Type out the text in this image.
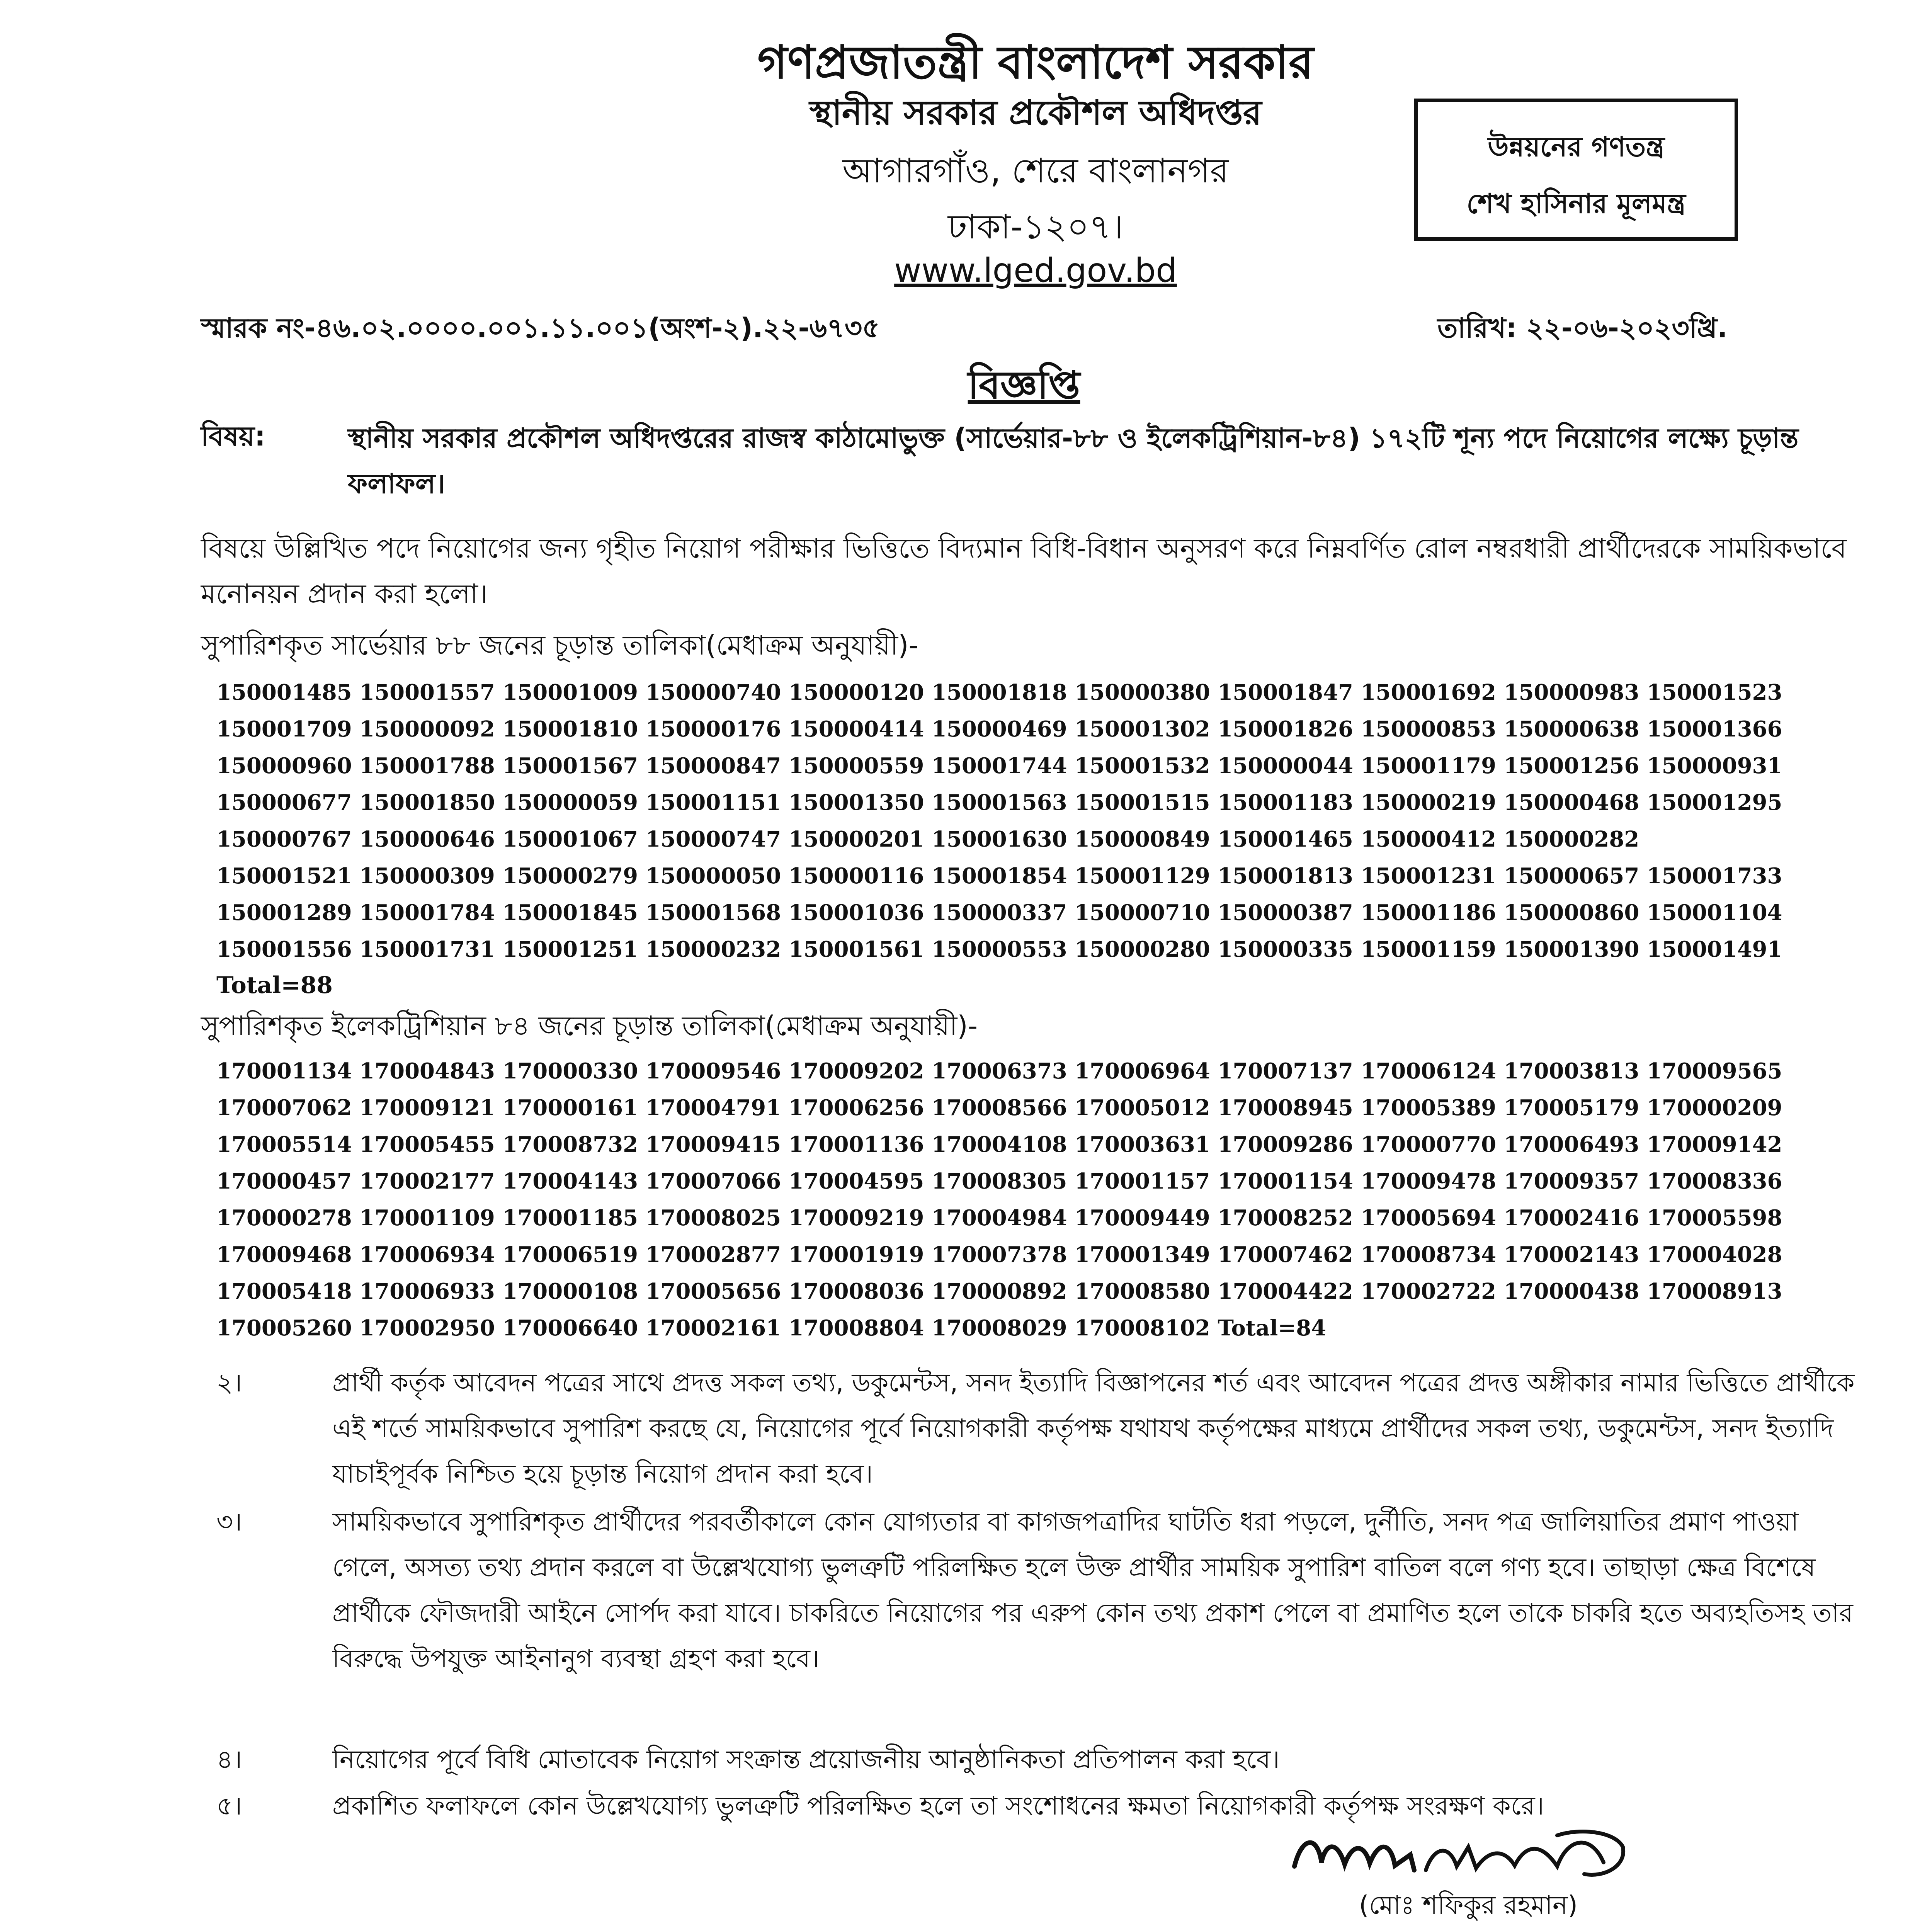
গণপ্রজাতন্ত্রী বাংলাদেশ সরকার
স্থানীয় সরকার প্রকৌশল অধিদপ্তর
আগারগাঁও, শেরে বাংলানগর
ঢাকা-১২০৭।
www.lged.gov.bd
উন্নয়নের গণতন্ত্র
শেখ হাসিনার মূলমন্ত্র
স্মারক নং-৪৬.০২.০০০০.০০১.১১.০০১(অংশ-২).২২-৬৭৩৫	তারিখ: ২২-০৬-২০২৩খ্রি.
বিজ্ঞপ্তি
বিষয়:	স্থানীয় সরকার প্রকৌশল অধিদপ্তরের রাজস্ব কাঠামোভুক্ত (সার্ভেয়ার-৮৮ ও ইলেকট্রিশিয়ান-৮৪) ১৭২টি শূন্য পদে নিয়োগের লক্ষ্যে চূড়ান্ত ফলাফল।
বিষয়ে উল্লিখিত পদে নিয়োগের জন্য গৃহীত নিয়োগ পরীক্ষার ভিত্তিতে বিদ্যমান বিধি-বিধান অনুসরণ করে নিম্নবর্ণিত রোল নম্বরধারী প্রার্থীদেরকে সাময়িকভাবে মনোনয়ন প্রদান করা হলো।
সুপারিশকৃত সার্ভেয়ার ৮৮ জনের চূড়ান্ত তালিকা(মেধাক্রম অনুযায়ী)-
150001485 150001557 150001009 150000740 150000120 150001818 150000380 150001847 150001692 150000983 150001523
150001709 150000092 150001810 150000176 150000414 150000469 150001302 150001826 150000853 150000638 150001366
150000960 150001788 150001567 150000847 150000559 150001744 150001532 150000044 150001179 150001256 150000931
150000677 150001850 150000059 150001151 150001350 150001563 150001515 150001183 150000219 150000468 150001295
150000767 150000646 150001067 150000747 150000201 150001630 150000849 150001465 150000412 150000282
150001521 150000309 150000279 150000050 150000116 150001854 150001129 150001813 150001231 150000657 150001733
150001289 150001784 150001845 150001568 150001036 150000337 150000710 150000387 150001186 150000860 150001104
150001556 150001731 150001251 150000232 150001561 150000553 150000280 150000335 150001159 150001390 150001491
Total=88
সুপারিশকৃত ইলেকট্রিশিয়ান ৮৪ জনের চূড়ান্ত তালিকা(মেধাক্রম অনুযায়ী)-
170001134 170004843 170000330 170009546 170009202 170006373 170006964 170007137 170006124 170003813 170009565
170007062 170009121 170000161 170004791 170006256 170008566 170005012 170008945 170005389 170005179 170000209
170005514 170005455 170008732 170009415 170001136 170004108 170003631 170009286 170000770 170006493 170009142
170000457 170002177 170004143 170007066 170004595 170008305 170001157 170001154 170009478 170009357 170008336
170000278 170001109 170001185 170008025 170009219 170004984 170009449 170008252 170005694 170002416 170005598
170009468 170006934 170006519 170002877 170001919 170007378 170001349 170007462 170008734 170002143 170004028
170005418 170006933 170000108 170005656 170008036 170000892 170008580 170004422 170002722 170000438 170008913
170005260 170002950 170006640 170002161 170008804 170008029 170008102 Total=84
২।	প্রার্থী কর্তৃক আবেদন পত্রের সাথে প্রদত্ত সকল তথ্য, ডকুমেন্টস, সনদ ইত্যাদি বিজ্ঞাপনের শর্ত এবং আবেদন পত্রের প্রদত্ত অঙ্গীকার নামার ভিত্তিতে প্রার্থীকে এই শর্তে সাময়িকভাবে সুপারিশ করছে যে, নিয়োগের পূর্বে নিয়োগকারী কর্তৃপক্ষ যথাযথ কর্তৃপক্ষের মাধ্যমে প্রার্থীদের সকল তথ্য, ডকুমেন্টস, সনদ ইত্যাদি যাচাইপূর্বক নিশ্চিত হয়ে চূড়ান্ত নিয়োগ প্রদান করা হবে।
৩।	সাময়িকভাবে সুপারিশকৃত প্রার্থীদের পরবর্তীকালে কোন যোগ্যতার বা কাগজপত্রাদির ঘাটতি ধরা পড়লে, দুর্নীতি, সনদ পত্র জালিয়াতির প্রমাণ পাওয়া গেলে, অসত্য তথ্য প্রদান করলে বা উল্লেখযোগ্য ভুলত্রুটি পরিলক্ষিত হলে উক্ত প্রার্থীর সাময়িক সুপারিশ বাতিল বলে গণ্য হবে। তাছাড়া ক্ষেত্র বিশেষে প্রার্থীকে ফৌজদারী আইনে সোর্পদ করা যাবে। চাকরিতে নিয়োগের পর এরুপ কোন তথ্য প্রকাশ পেলে বা প্রমাণিত হলে তাকে চাকরি হতে অব্যহতিসহ তার বিরুদ্ধে উপযুক্ত আইনানুগ ব্যবস্থা গ্রহণ করা হবে।
৪।	নিয়োগের পূর্বে বিধি মোতাবেক নিয়োগ সংক্রান্ত প্রয়োজনীয় আনুষ্ঠানিকতা প্রতিপালন করা হবে।
৫।	প্রকাশিত ফলাফলে কোন উল্লেখযোগ্য ভুলত্রুটি পরিলক্ষিত হলে তা সংশোধনের ক্ষমতা নিয়োগকারী কর্তৃপক্ষ সংরক্ষণ করে।
(মোঃ শফিকুর রহমান)
